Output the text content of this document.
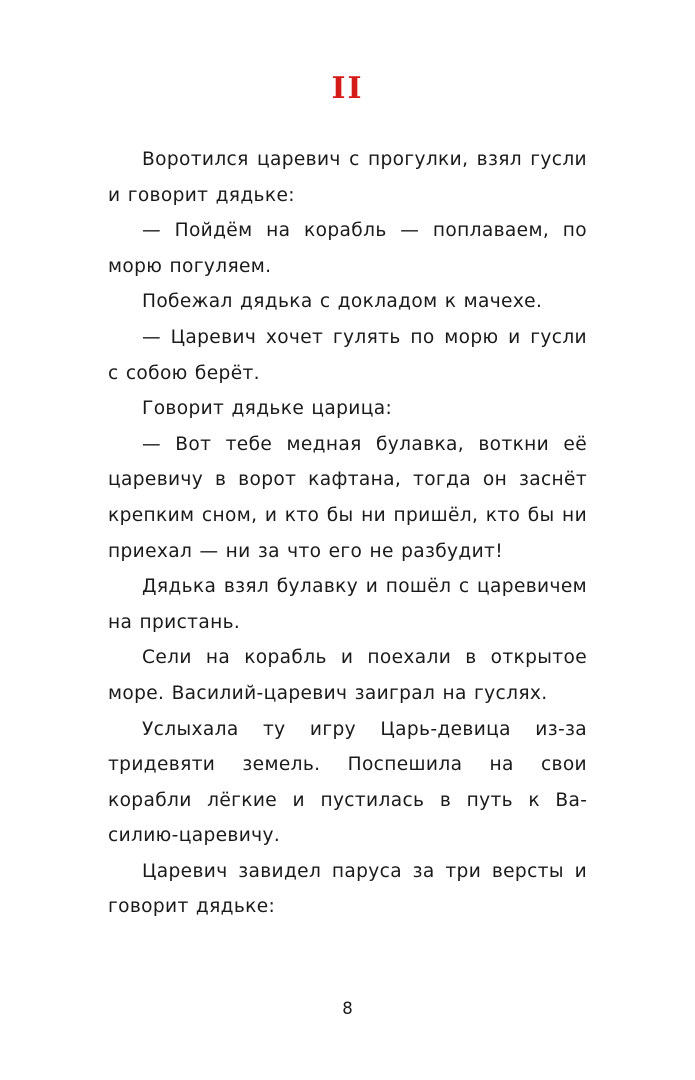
II

Воротился царевич с прогулки, взял гусли и говорит дядьке:

— Пойдём на корабль — поплаваем, по морю погуляем.

Побежал дядька с докладом к мачехе.

— Царевич хочет гулять по морю и гусли с собою берёт.

Говорит дядьке царица:

— Вот тебе медная булавка, воткни её царевичу в ворот кафтана, тогда он заснёт крепким сном, и кто бы ни пришёл, кто бы ни приехал — ни за что его не разбудит!

Дядька взял булавку и пошёл с царевичем на пристань.

Сели на корабль и поехали в открытое море. Василий-царевич заиграл на гуслях.

Услыхала ту игру Царь-девица из-за тридевяти земель. Поспешила на свои корабли лёгкие и пустилась в путь к Василию-царевичу.

Царевич завидел паруса за три версты и говорит дядьке:

8
